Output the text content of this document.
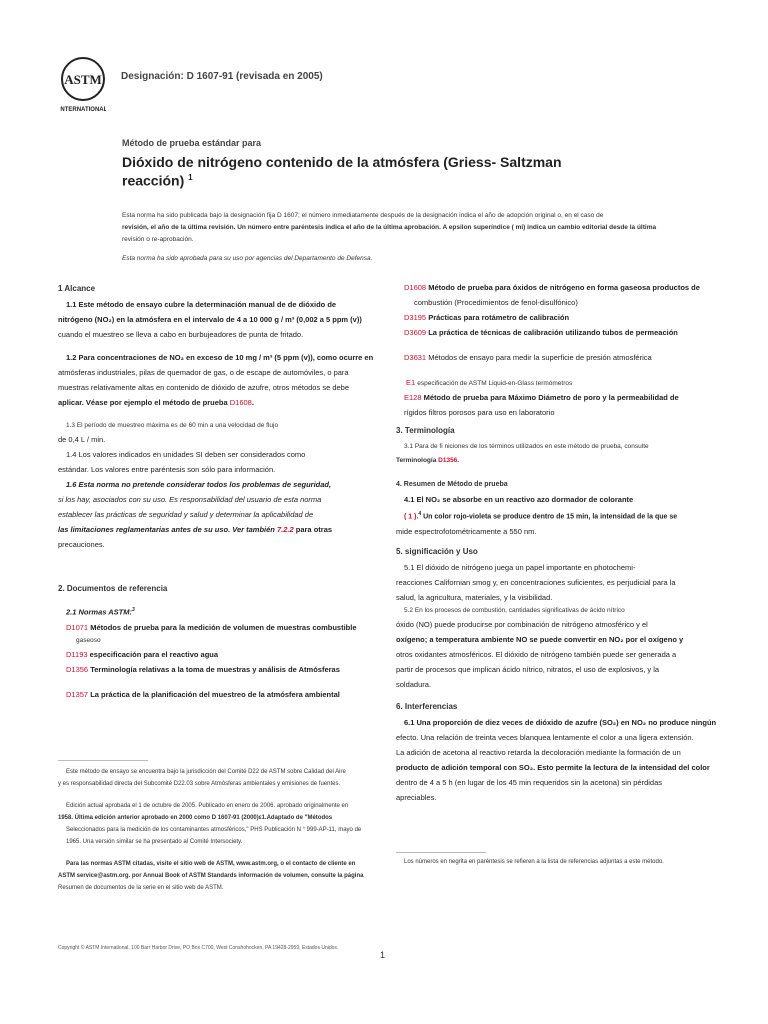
ASTM
INTERNATIONAL
Designación: D 1607-91 (revisada en 2005)
Método de prueba estándar para
Dióxido de nitrógeno contenido de la atmósfera (Griess- Saltzman reacción) $^1$
Esta norma ha sido publicada bajo la designación fija D 1607; el número inmediatamente después de la designación indica el año de adopción original o, en el caso de
revisión, el año de la última revisión. Un número entre paréntesis indica el año de la última aprobación. A epsilon superíndice ( mi) indica un cambio editorial desde la última
revisión o re-aprobación.
Esta norma ha sido aprobada para su uso por agencias del Departamento de Defensa.
1 Alcance
1.1 Este método de ensayo cubre la determinación manual de de dióxido de
nitrógeno (NO₂) en la atmósfera en el intervalo de 4 a 10 000 g / m³ (0,002 a 5 ppm (v))
cuando el muestreo se lleva a cabo en burbujeadores de punta de fritado.
1.2 Para concentraciones de NO₂ en exceso de 10 mg / m³ (5 ppm (v)), como ocurre en
atmósferas industriales, pilas de quemador de gas, o de escape de automóviles, o para
muestras relativamente altas en contenido de dióxido de azufre, otros métodos se debe
aplicar. Véase por ejemplo el método de prueba D1608.
1.3 El período de muestreo máxima es de 60 min a una velocidad de flujo
de 0,4 L / min.
1.4 Los valores indicados en unidades SI deben ser considerados como
estándar. Los valores entre paréntesis son sólo para información.
1.6 Esta norma no pretende considerar todos los problemas de seguridad,
si los hay, asociados con su uso. Es responsabilidad del usuario de esta norma
establecer las prácticas de seguridad y salud y determinar la aplicabilidad de
las limitaciones reglamentarias antes de su uso. Ver también 7.2.2 para otras
precauciones.
2. Documentos de referencia
2.1 Normas ASTM:$^3$
D1071 Métodos de prueba para la medición de volumen de muestras combustible
gaseoso
D1193 especificación para el reactivo agua
D1356 Terminología relativas a la toma de muestras y análisis de Atmósferas
D1357 La práctica de la planificación del muestreo de la atmósfera ambiental
Este método de ensayo se encuentra bajo la jurisdicción del Comité D22 de ASTM sobre Calidad del Aire
y es responsabilidad directa del Subcomité D22.03 sobre Atmósferas ambientales y emisiones de fuentes.
Edición actual aprobada el 1 de octubre de 2005. Publicado en enero de 2006. aprobado originalmente en
1958. Última edición anterior aprobado en 2000 como D 1607-91 (2000)ε1.Adaptado de "Métodos
Seleccionados para la medición de los contaminantes atmosféricos," PHS Publicación N ° 999-AP-11, mayo de
1965. Una versión similar se ha presentado al Comité Intersociety.
Para las normas ASTM citadas, visite el sitio web de ASTM, www.astm.org, o el contacto de cliente en
ASTM service@astm.org. por Annual Book of ASTM Standards información de volumen, consulte la página
Resumen de documentos de la serie en el sitio web de ASTM.
Copyright © ASTM International, 100 Barr Harbor Drive, PO Box C700, West Conshohocken, PA 19428-2959, Estados Unidos.
D1608 Método de prueba para óxidos de nitrógeno en forma gaseosa productos de
combustión (Procedimientos de fenol-disulfónico)
D3195 Prácticas para rotámetro de calibración
D3609 La práctica de técnicas de calibración utilizando tubos de permeación
D3631 Métodos de ensayo para medir la superficie de presión atmosférica
E1 especificación de ASTM Liquid-en-Glass termómetros
E128 Método de prueba para Máximo Diámetro de poro y la permeabilidad de
rígidos filtros porosos para uso en laboratorio
3. Terminología
3.1 Para de fi niciones de los términos utilizados en este método de prueba, consulte
Terminología D1356.
4. Resumen de Método de prueba
4.1 El NO₂ se absorbe en un reactivo azo dormador de colorante
( 1 ).$^4$ Un color rojo-violeta se produce dentro de 15 min, la intensidad de la que se
mide espectrofotométricamente a 550 nm.
5. significación y Uso
5.1 El dióxido de nitrógeno juega un papel importante en photochemi-
reacciones Californian smog y, en concentraciones suficientes, es perjudicial para la
salud, la agricultura, materiales, y la visibilidad.
5.2 En los procesos de combustión, cantidades significativas de ácido nítrico
óxido (NO) puede producirse por combinación de nitrógeno atmosférico y el
oxígeno; a temperatura ambiente NO se puede convertir en NO₂ por el oxígeno y
otros oxidantes atmosféricos. El dióxido de nitrógeno también puede ser generada a
partir de procesos que implican ácido nítrico, nitratos, el uso de explosivos, y la
soldadura.
6. Interferencias
6.1 Una proporción de diez veces de dióxido de azufre (SO₂) en NO₂ no produce ningún
efecto. Una relación de treinta veces blanquea lentamente el color a una ligera extensión.
La adición de acetona al reactivo retarda la decoloración mediante la formación de un
producto de adición temporal con SO₂. Esto permite la lectura de la intensidad del color
dentro de 4 a 5 h (en lugar de los 45 min requeridos sin la acetona) sin pérdidas
apreciables.
Los números en negrita en paréntesis se refieren a la lista de referencias adjuntas a este método.
1
